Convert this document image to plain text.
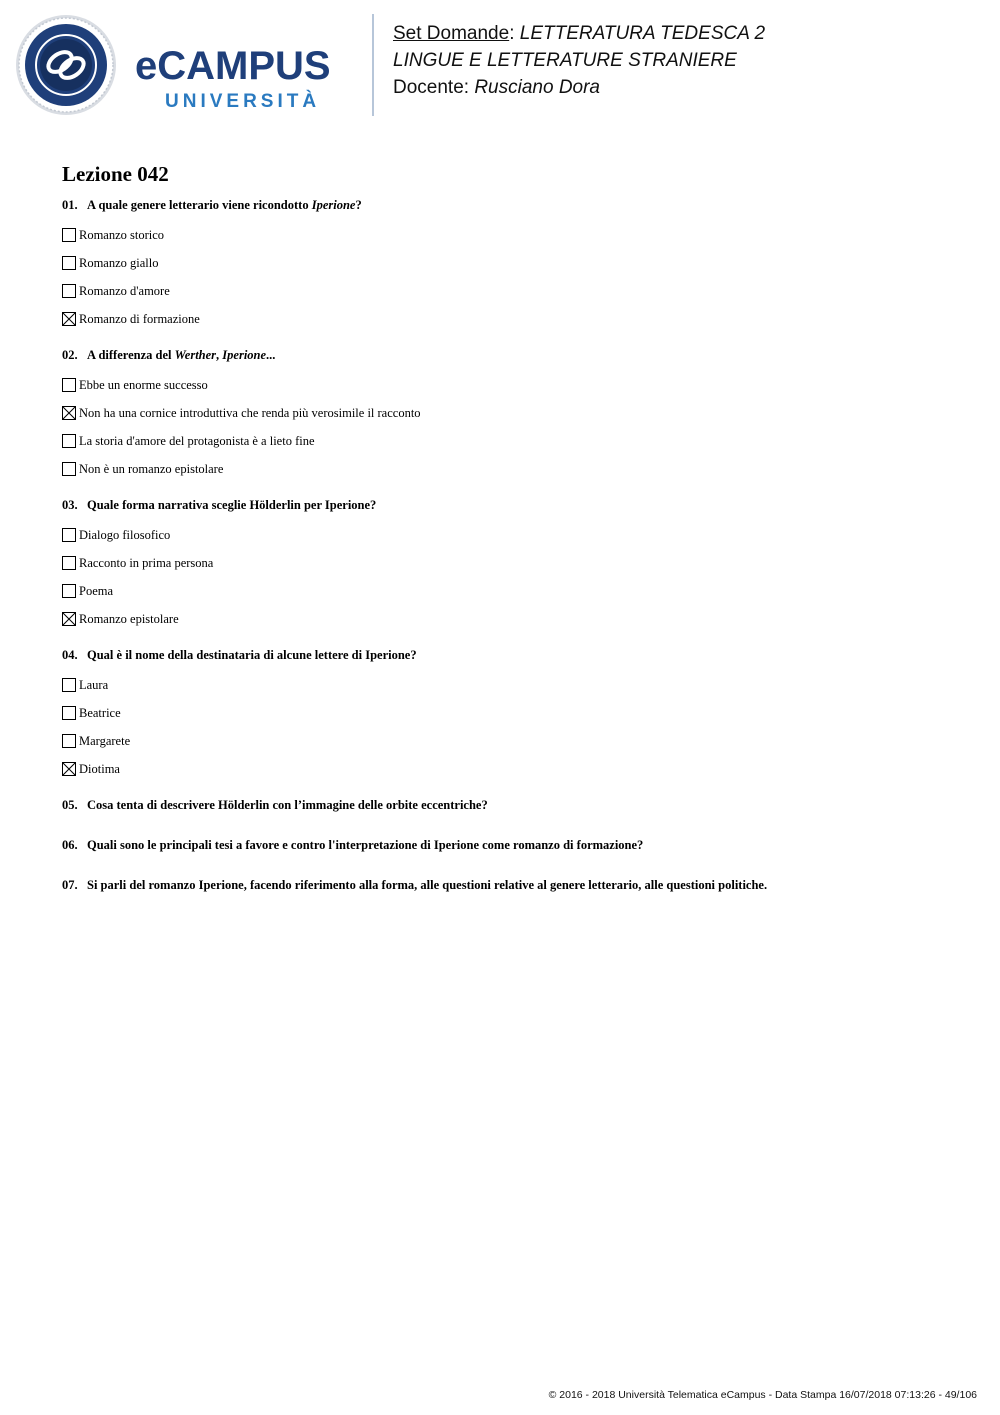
eCAMPUS
UNIVERSITÀ
Set Domande: LETTERATURA TEDESCA 2
LINGUE E LETTERATURE STRANIERE
Docente: Rusciano Dora
Lezione 042
01. A quale genere letterario viene ricondotto Iperione?
Romanzo storico
Romanzo giallo
Romanzo d'amore
Romanzo di formazione
02. A differenza del Werther, Iperione...
Ebbe un enorme successo
Non ha una cornice introduttiva che renda più verosimile il racconto
La storia d'amore del protagonista è a lieto fine
Non è un romanzo epistolare
03. Quale forma narrativa sceglie Hölderlin per Iperione?
Dialogo filosofico
Racconto in prima persona
Poema
Romanzo epistolare
04. Qual è il nome della destinataria di alcune lettere di Iperione?
Laura
Beatrice
Margarete
Diotima
05. Cosa tenta di descrivere Hölderlin con l’immagine delle orbite eccentriche?
06. Quali sono le principali tesi a favore e contro l'interpretazione di Iperione come romanzo di formazione?
07. Si parli del romanzo Iperione, facendo riferimento alla forma, alle questioni relative al genere letterario, alle questioni politiche.
© 2016 - 2018 Università Telematica eCampus - Data Stampa 16/07/2018 07:13:26 - 49/106
